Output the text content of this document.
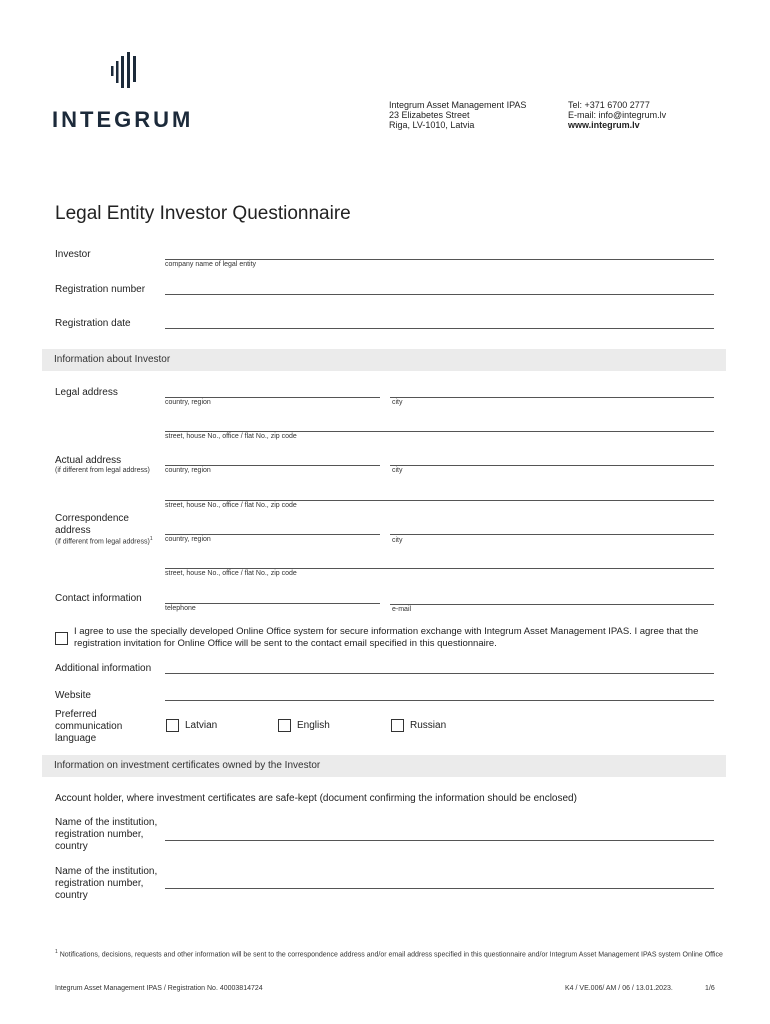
INTEGRUM
Integrum Asset Management IPAS
23 Elizabetes Street
Riga, LV-1010, Latvia
Tel: +371 6700 2777
E-mail: info@integrum.lv
www.integrum.lv
Legal Entity Investor Questionnaire
Investor
company name of legal entity
Registration number
Registration date
Information about Investor
Legal address
country, region	city
street, house No., office / flat No., zip code
Actual address
(if different from legal address) country, region	city
street, house No., office / flat No., zip code
Correspondence address
(if different from legal address)$^1$ country, region	city
street, house No., office / flat No., zip code
Contact information
telephone	e-mail
I agree to use the specially developed Online Office system for secure information exchange with Integrum Asset Management IPAS. I agree that the registration invitation for Online Office will be sent to the contact email specified in this questionnaire.
Additional information
Website
Preferred communication language
Latvian	English	Russian
Information on investment certificates owned by the Investor
Account holder, where investment certificates are safe-kept (document confirming the information should be enclosed)
Name of the institution, registration number, country
Name of the institution, registration number, country
$^1$ Notifications, decisions, requests and other information will be sent to the correspondence address and/or email address specified in this questionnaire and/or Integrum Asset Management IPAS system Online Office
Integrum Asset Management IPAS / Registration No. 40003814724	K4 / VE.006/ AM / 06 / 13.01.2023.	1/6
